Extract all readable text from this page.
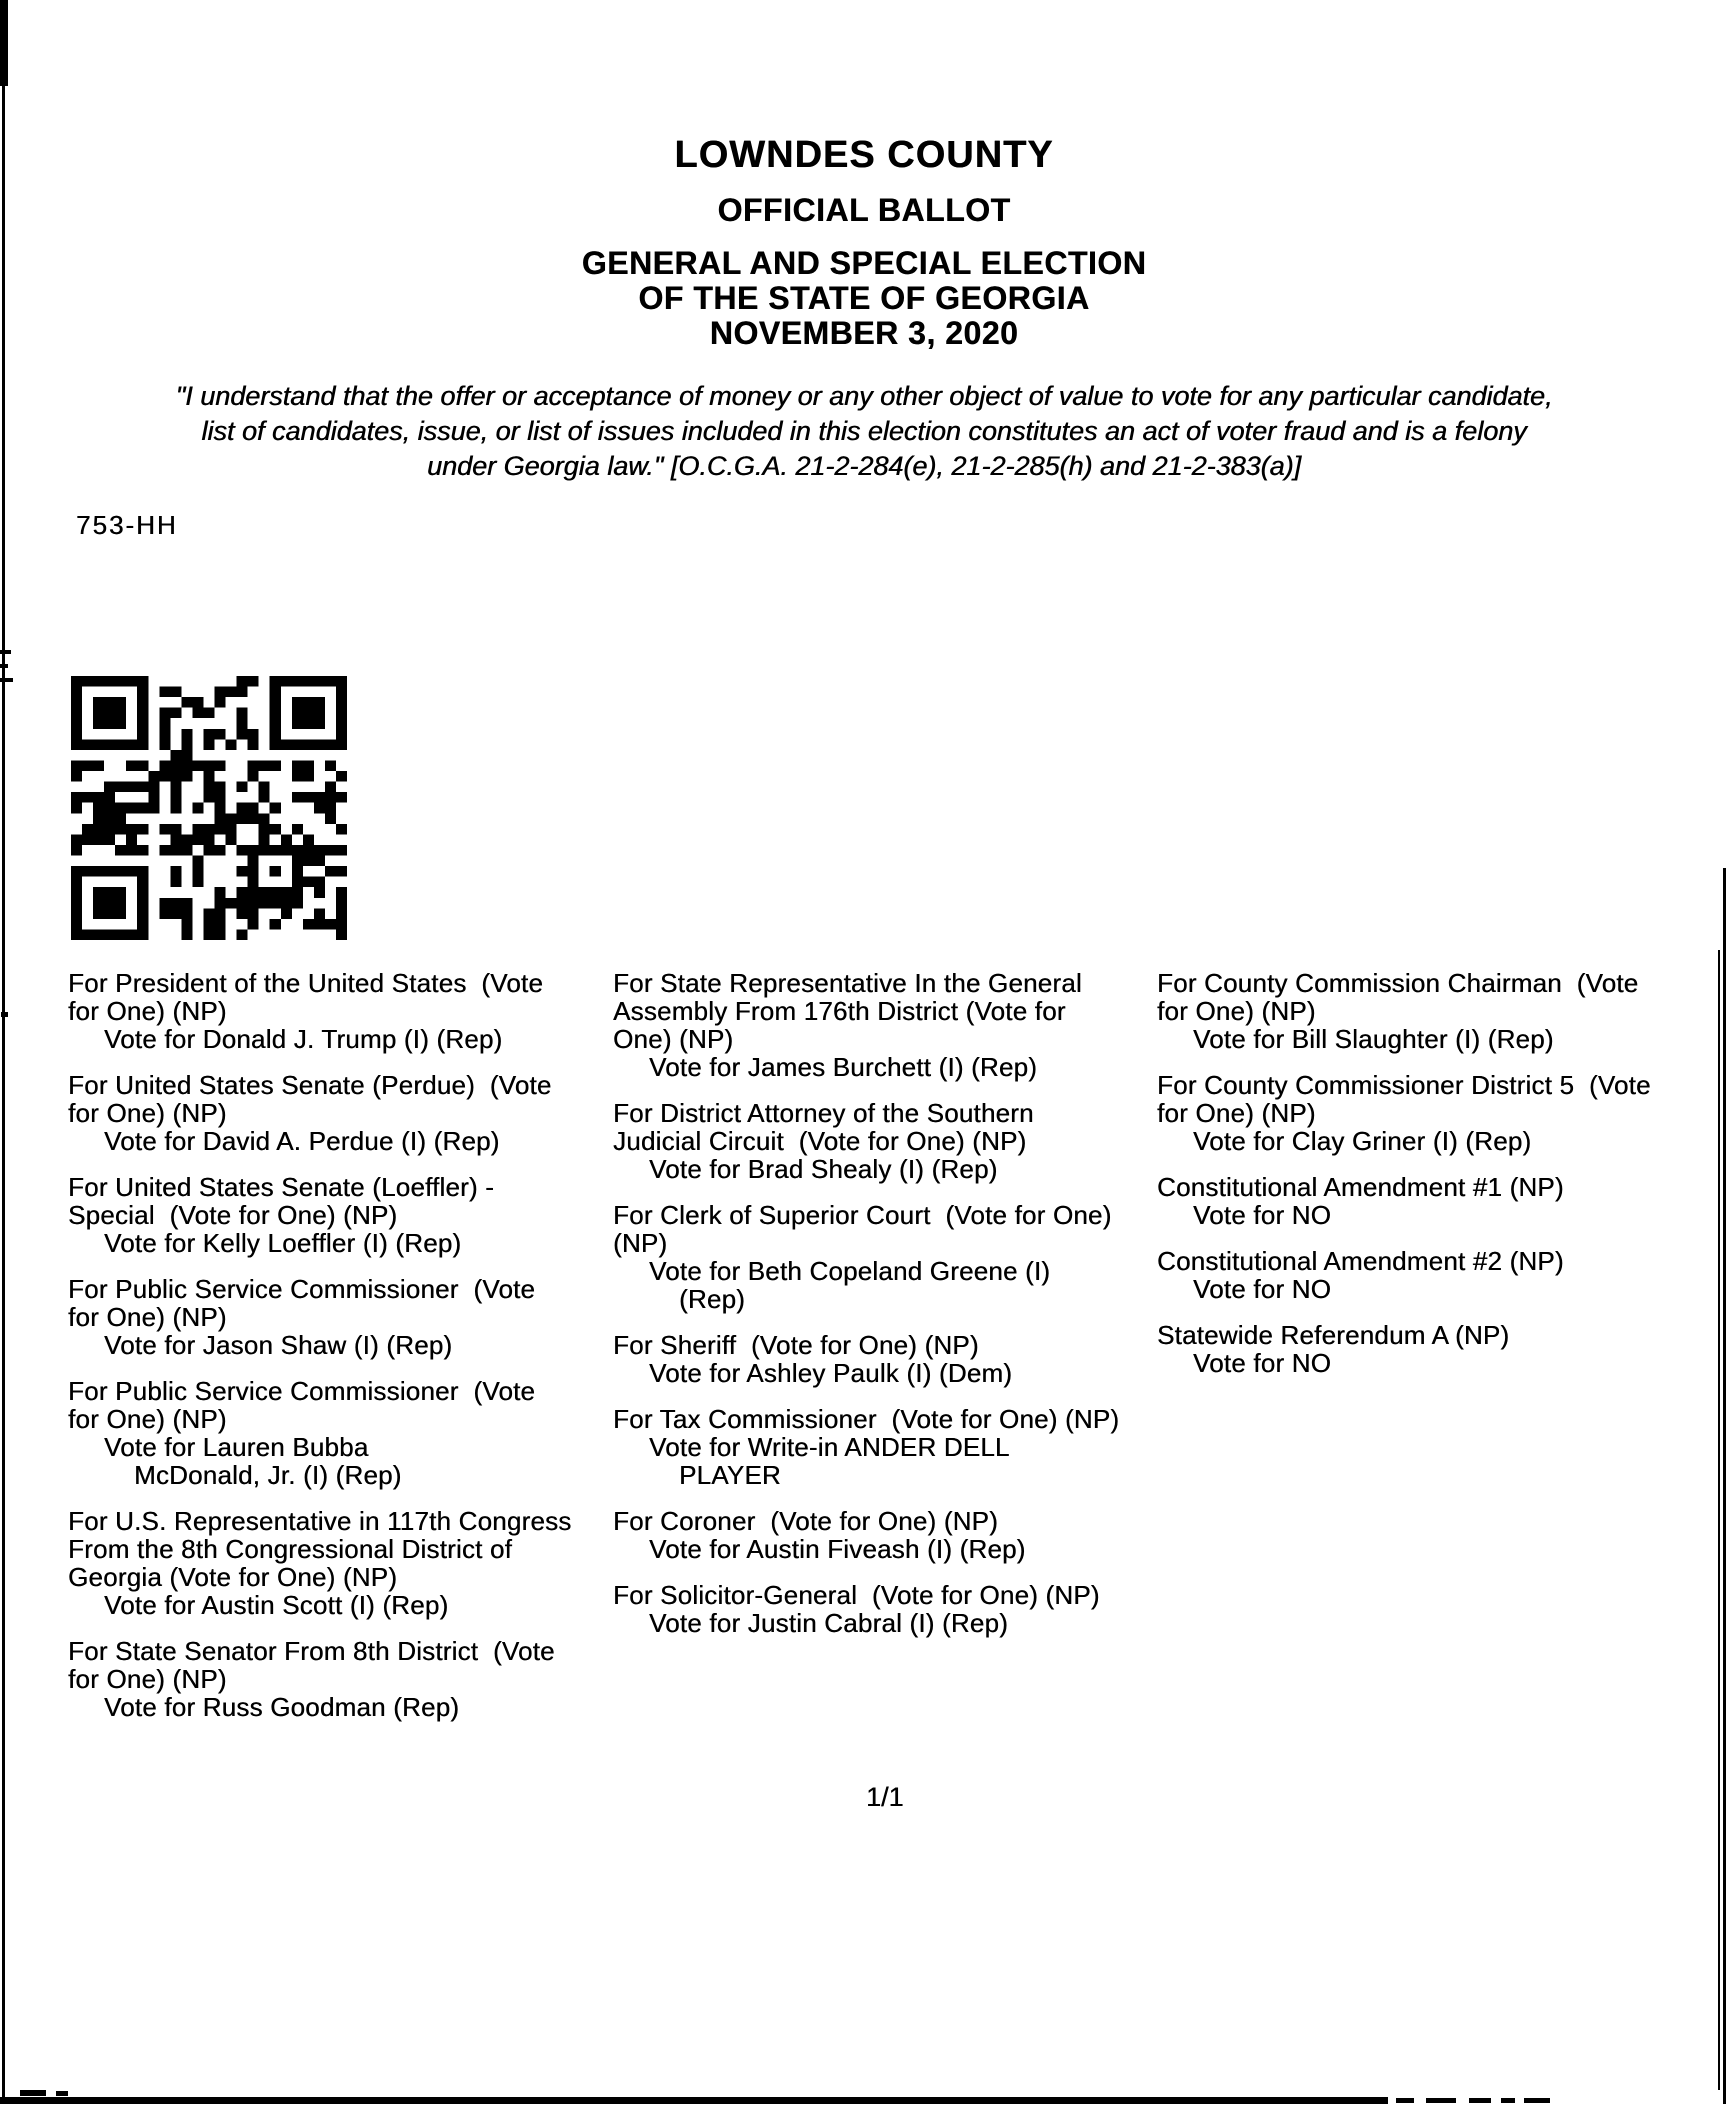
LOWNDES COUNTY
OFFICIAL BALLOT
GENERAL AND SPECIAL ELECTION
OF THE STATE OF GEORGIA
NOVEMBER 3, 2020
"I understand that the offer or acceptance of money or any other object of value to vote for any particular candidate,
list of candidates, issue, or list of issues included in this election constitutes an act of voter fraud and is a felony
under Georgia law." [O.C.G.A. 21-2-284(e), 21-2-285(h) and 21-2-383(a)]
753-HH
For President of the United States  (Vote
for One) (NP)
Vote for Donald J. Trump (I) (Rep)
For United States Senate (Perdue)  (Vote
for One) (NP)
Vote for David A. Perdue (I) (Rep)
For United States Senate (Loeffler) -
Special  (Vote for One) (NP)
Vote for Kelly Loeffler (I) (Rep)
For Public Service Commissioner  (Vote
for One) (NP)
Vote for Jason Shaw (I) (Rep)
For Public Service Commissioner  (Vote
for One) (NP)
Vote for Lauren Bubba
McDonald, Jr. (I) (Rep)
For U.S. Representative in 117th Congress
From the 8th Congressional District of
Georgia (Vote for One) (NP)
Vote for Austin Scott (I) (Rep)
For State Senator From 8th District  (Vote
for One) (NP)
Vote for Russ Goodman (Rep)
For State Representative In the General
Assembly From 176th District (Vote for
One) (NP)
Vote for James Burchett (I) (Rep)
For District Attorney of the Southern
Judicial Circuit  (Vote for One) (NP)
Vote for Brad Shealy (I) (Rep)
For Clerk of Superior Court  (Vote for One)
(NP)
Vote for Beth Copeland Greene (I)
(Rep)
For Sheriff  (Vote for One) (NP)
Vote for Ashley Paulk (I) (Dem)
For Tax Commissioner  (Vote for One) (NP)
Vote for Write-in ANDER DELL
PLAYER
For Coroner  (Vote for One) (NP)
Vote for Austin Fiveash (I) (Rep)
For Solicitor-General  (Vote for One) (NP)
Vote for Justin Cabral (I) (Rep)
For County Commission Chairman  (Vote
for One) (NP)
Vote for Bill Slaughter (I) (Rep)
For County Commissioner District 5  (Vote
for One) (NP)
Vote for Clay Griner (I) (Rep)
Constitutional Amendment #1 (NP)
Vote for NO
Constitutional Amendment #2 (NP)
Vote for NO
Statewide Referendum A (NP)
Vote for NO
1/1
